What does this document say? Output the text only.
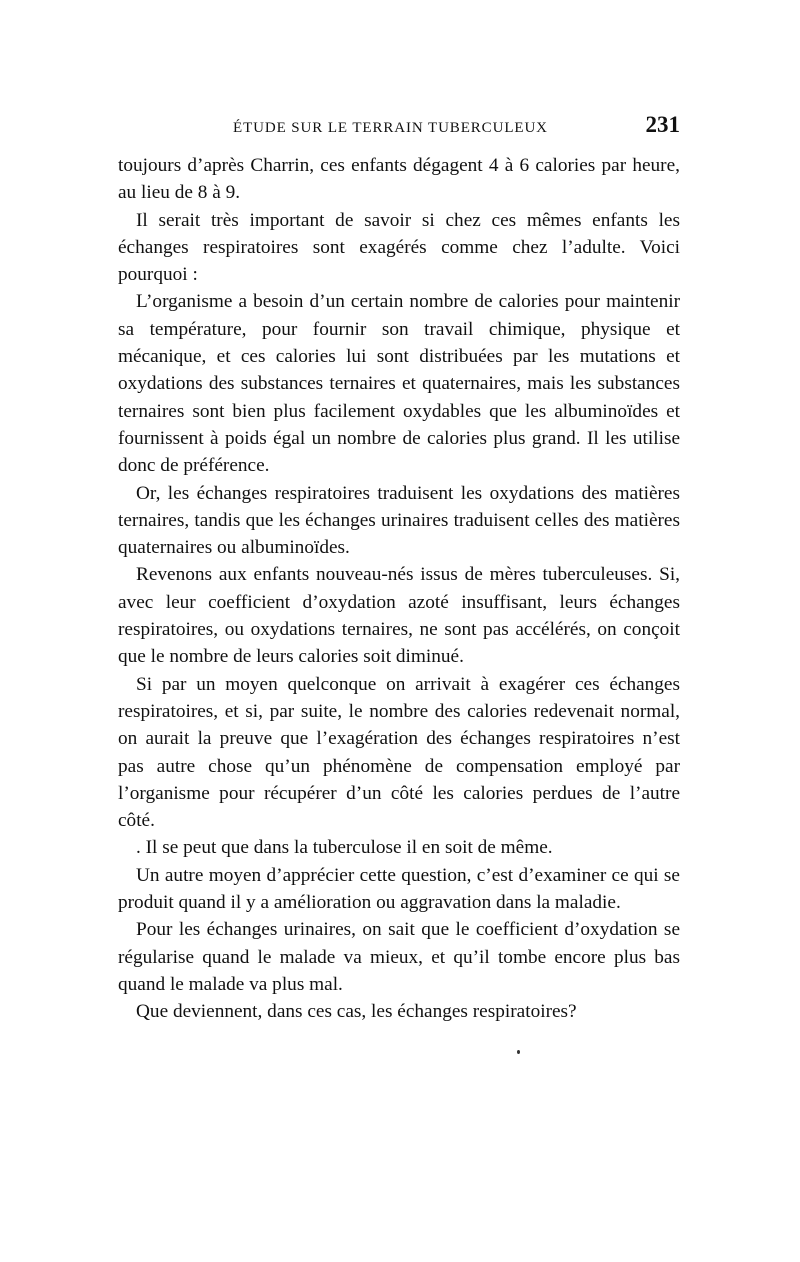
ÉTUDE SUR LE TERRAIN TUBERCULEUX	231

toujours d’après Charrin, ces enfants dégagent 4 à 6 calories par heure, au lieu de 8 à 9.

Il serait très important de savoir si chez ces mêmes enfants les échanges respiratoires sont exagérés comme chez l’adulte. Voici pourquoi :

L’organisme a besoin d’un certain nombre de calories pour maintenir sa température, pour fournir son travail chimique, physique et mécanique, et ces calories lui sont distribuées par les mutations et oxydations des substances ternaires et quaternaires, mais les substances ternaires sont bien plus facilement oxydables que les albuminoïdes et fournissent à poids égal un nombre de calories plus grand. Il les utilise donc de préférence.

Or, les échanges respiratoires traduisent les oxydations des matières ternaires, tandis que les échanges urinaires traduisent celles des matières quaternaires ou albuminoïdes.

Revenons aux enfants nouveau-nés issus de mères tuberculeuses. Si, avec leur coefficient d’oxydation azoté insuffisant, leurs échanges respiratoires, ou oxydations ternaires, ne sont pas accélérés, on conçoit que le nombre de leurs calories soit diminué.

Si par un moyen quelconque on arrivait à exagérer ces échanges respiratoires, et si, par suite, le nombre des calories redevenait normal, on aurait la preuve que l’exagération des échanges respiratoires n’est pas autre chose qu’un phénomène de compensation employé par l’organisme pour récupérer d’un côté les calories perdues de l’autre côté.

. Il se peut que dans la tuberculose il en soit de même.

Un autre moyen d’apprécier cette question, c’est d’examiner ce qui se produit quand il y a amélioration ou aggravation dans la maladie.

Pour les échanges urinaires, on sait que le coefficient d’oxydation se régularise quand le malade va mieux, et qu’il tombe encore plus bas quand le malade va plus mal.

Que deviennent, dans ces cas, les échanges respiratoires?
